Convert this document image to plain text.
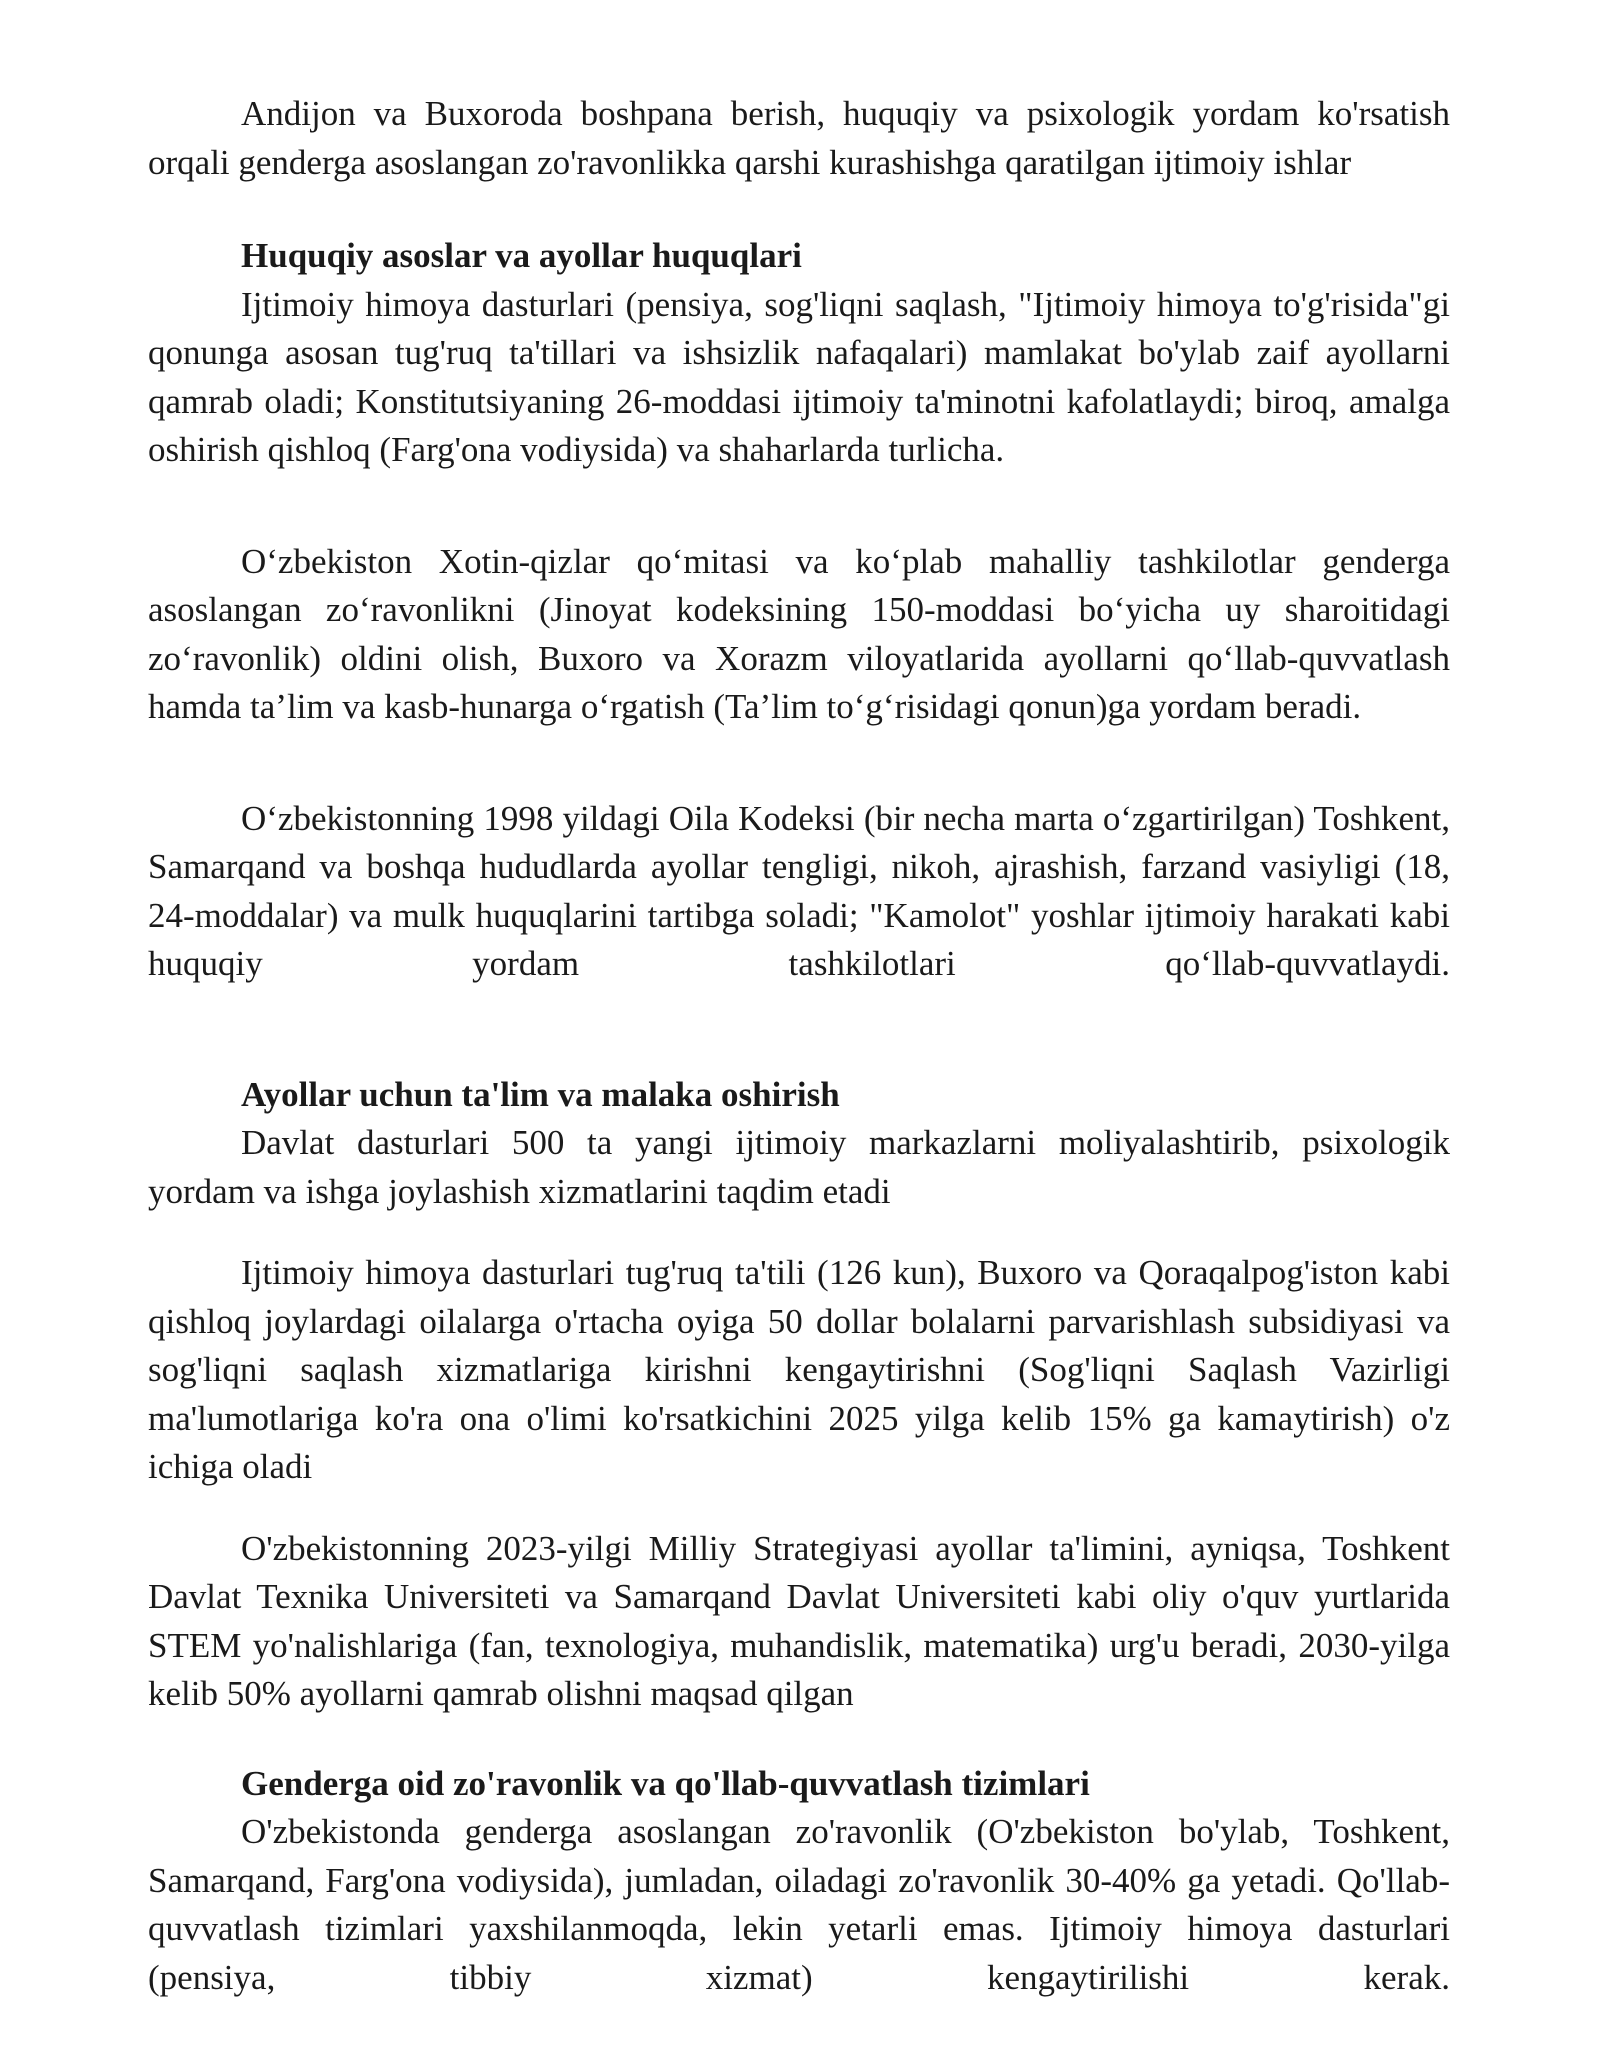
Andijon va Buxoroda boshpana berish, huquqiy va psixologik yordam ko'rsatish orqali genderga asoslangan zo'ravonlikka qarshi kurashishga qaratilgan ijtimoiy ishlar

Huquqiy asoslar va ayollar huquqlari

Ijtimoiy himoya dasturlari (pensiya, sog'liqni saqlash, "Ijtimoiy himoya to'g'risida"gi qonunga asosan tug'ruq ta'tillari va ishsizlik nafaqalari) mamlakat bo'ylab zaif ayollarni qamrab oladi; Konstitutsiyaning 26-moddasi ijtimoiy ta'minotni kafolatlaydi; biroq, amalga oshirish qishloq (Farg'ona vodiysida) va shaharlarda turlicha.

O‘zbekiston Xotin-qizlar qo‘mitasi va ko‘plab mahalliy tashkilotlar genderga asoslangan zo‘ravonlikni (Jinoyat kodeksining 150-moddasi bo‘yicha uy sharoitidagi zo‘ravonlik) oldini olish, Buxoro va Xorazm viloyatlarida ayollarni qo‘llab-quvvatlash hamda ta’lim va kasb-hunarga o‘rgatish (Ta’lim to‘g‘risidagi qonun)ga yordam beradi.

O‘zbekistonning 1998 yildagi Oila Kodeksi (bir necha marta o‘zgartirilgan) Toshkent, Samarqand va boshqa hududlarda ayollar tengligi, nikoh, ajrashish, farzand vasiyligi (18, 24-moddalar) va mulk huquqlarini tartibga soladi; "Kamolot" yoshlar ijtimoiy harakati kabi huquqiy yordam tashkilotlari qo‘llab-quvvatlaydi.

Ayollar uchun ta'lim va malaka oshirish

Davlat dasturlari 500 ta yangi ijtimoiy markazlarni moliyalashtirib, psixologik yordam va ishga joylashish xizmatlarini taqdim etadi

Ijtimoiy himoya dasturlari tug'ruq ta'tili (126 kun), Buxoro va Qoraqalpog'iston kabi qishloq joylardagi oilalarga o'rtacha oyiga 50 dollar bolalarni parvarishlash subsidiyasi va sog'liqni saqlash xizmatlariga kirishni kengaytirishni (Sog'liqni Saqlash Vazirligi ma'lumotlariga ko'ra ona o'limi ko'rsatkichini 2025 yilga kelib 15% ga kamaytirish) o'z ichiga oladi

O'zbekistonning 2023-yilgi Milliy Strategiyasi ayollar ta'limini, ayniqsa, Toshkent Davlat Texnika Universiteti va Samarqand Davlat Universiteti kabi oliy o'quv yurtlarida STEM yo'nalishlariga (fan, texnologiya, muhandislik, matematika) urg'u beradi, 2030-yilga kelib 50% ayollarni qamrab olishni maqsad qilgan

Genderga oid zo'ravonlik va qo'llab-quvvatlash tizimlari

O'zbekistonda genderga asoslangan zo'ravonlik (O'zbekiston bo'ylab, Toshkent, Samarqand, Farg'ona vodiysida), jumladan, oiladagi zo'ravonlik 30-40% ga yetadi. Qo'llab-quvvatlash tizimlari yaxshilanmoqda, lekin yetarli emas. Ijtimoiy himoya dasturlari (pensiya, tibbiy xizmat) kengaytirilishi kerak.
